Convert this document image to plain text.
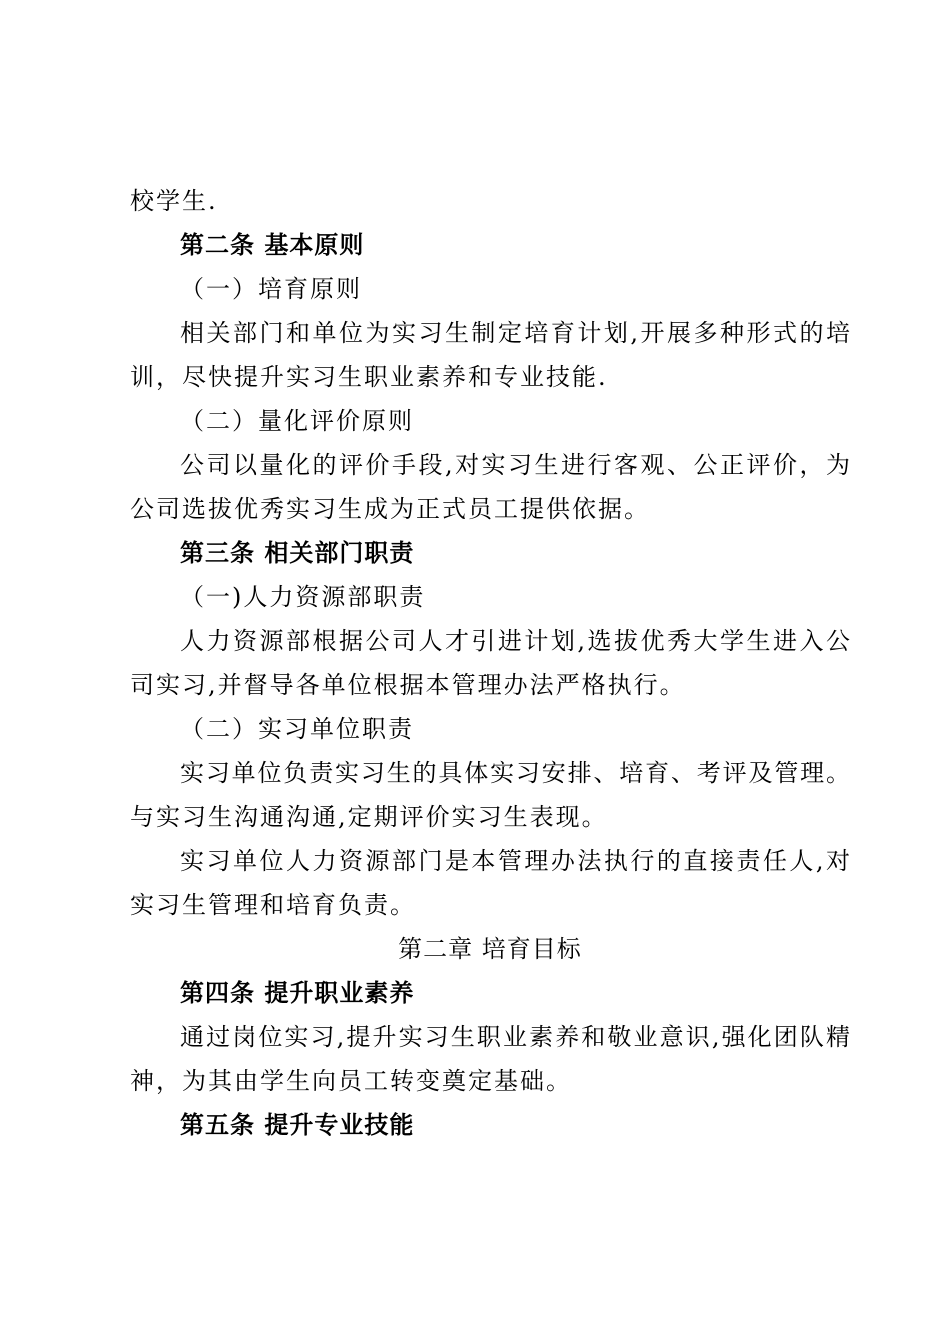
校学生.
第二条 基本原则
（一）培育原则
相关部门和单位为实习生制定培育计划,开展多种形式的培
训，尽快提升实习生职业素养和专业技能.
（二）量化评价原则
公司以量化的评价手段,对实习生进行客观、公正评价，为
公司选拔优秀实习生成为正式员工提供依据。
第三条 相关部门职责
（一)人力资源部职责
人力资源部根据公司人才引进计划,选拔优秀大学生进入公
司实习,并督导各单位根据本管理办法严格执行。
（二）实习单位职责
实习单位负责实习生的具体实习安排、培育、考评及管理。
与实习生沟通沟通,定期评价实习生表现。
实习单位人力资源部门是本管理办法执行的直接责任人,对
实习生管理和培育负责。
第二章 培育目标
第四条 提升职业素养
通过岗位实习,提升实习生职业素养和敬业意识,强化团队精
神，为其由学生向员工转变奠定基础。
第五条 提升专业技能
